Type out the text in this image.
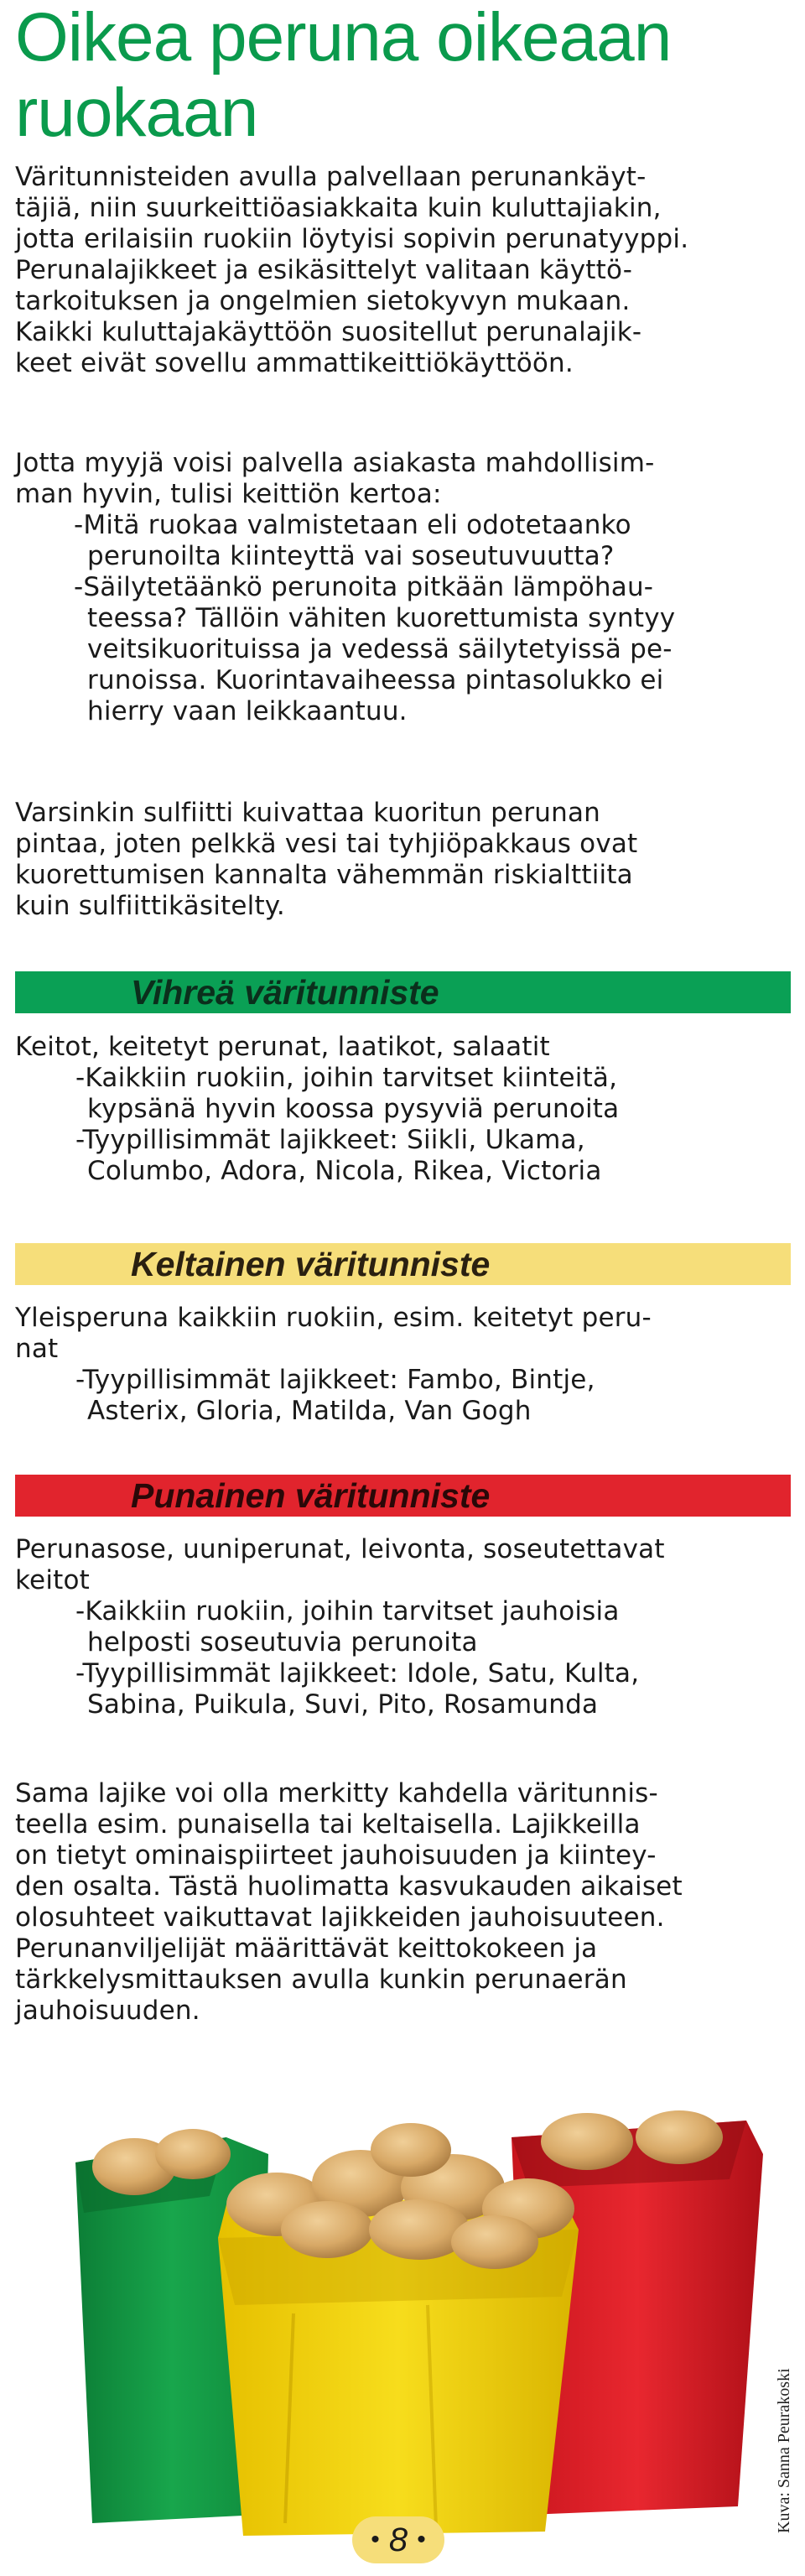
Oikea peruna oikeaan
ruokaan

Väritunnisteiden avulla palvellaan perunankäyt-
täjiä, niin suurkeittiöasiakkaita kuin kuluttajiakin,
jotta erilaisiin ruokiin löytyisi sopivin perunatyyppi.
Perunalajikkeet ja esikäsittelyt valitaan käyttö-
tarkoituksen ja ongelmien sietokyvyn mukaan.
Kaikki kuluttajakäyttöön suositellut perunalajik-
keet eivät sovellu ammattikeittiökäyttöön.

Jotta myyjä voisi palvella asiakasta mahdollisim-
man hyvin, tulisi keittiön kertoa:
-Mitä ruokaa valmistetaan eli odotetaanko
perunoilta kiinteyttä vai soseutuvuutta?
-Säilytetäänkö perunoita pitkään lämpöhau-
teessa? Tällöin vähiten kuorettumista syntyy
veitsikuorituissa ja vedessä säilytetyissä pe-
runoissa. Kuorintavaiheessa pintasolukko ei
hierry vaan leikkaantuu.

Varsinkin sulfiitti kuivattaa kuoritun perunan
pintaa, joten pelkkä vesi tai tyhjiöpakkaus ovat
kuorettumisen kannalta vähemmän riskialttiita
kuin sulfiittikäsitelty.

Vihreä väritunniste

Keitot, keitetyt perunat, laatikot, salaatit
-Kaikkiin ruokiin, joihin tarvitset kiinteitä,
kypsänä hyvin koossa pysyviä perunoita
-Tyypillisimmät lajikkeet: Siikli, Ukama,
Columbo, Adora, Nicola, Rikea, Victoria

Keltainen väritunniste

Yleisperuna kaikkiin ruokiin, esim. keitetyt peru-
nat
-Tyypillisimmät lajikkeet: Fambo, Bintje,
Asterix, Gloria, Matilda, Van Gogh

Punainen väritunniste

Perunasose, uuniperunat, leivonta, soseutettavat
keitot
-Kaikkiin ruokiin, joihin tarvitset jauhoisia
helposti soseutuvia perunoita
-Tyypillisimmät lajikkeet: Idole, Satu, Kulta,
Sabina, Puikula, Suvi, Pito, Rosamunda

Sama lajike voi olla merkitty kahdella väritunnis-
teella esim. punaisella tai keltaisella. Lajikkeilla
on tietyt ominaispiirteet jauhoisuuden ja kiintey-
den osalta. Tästä huolimatta kasvukauden aikaiset
olosuhteet vaikuttavat lajikkeiden jauhoisuuteen.
Perunanviljelijät määrittävät keittokokeen ja
tärkkelysmittauksen avulla kunkin perunaerän
jauhoisuuden.

Kuva: Sanna Peurakoski
• 8 •
